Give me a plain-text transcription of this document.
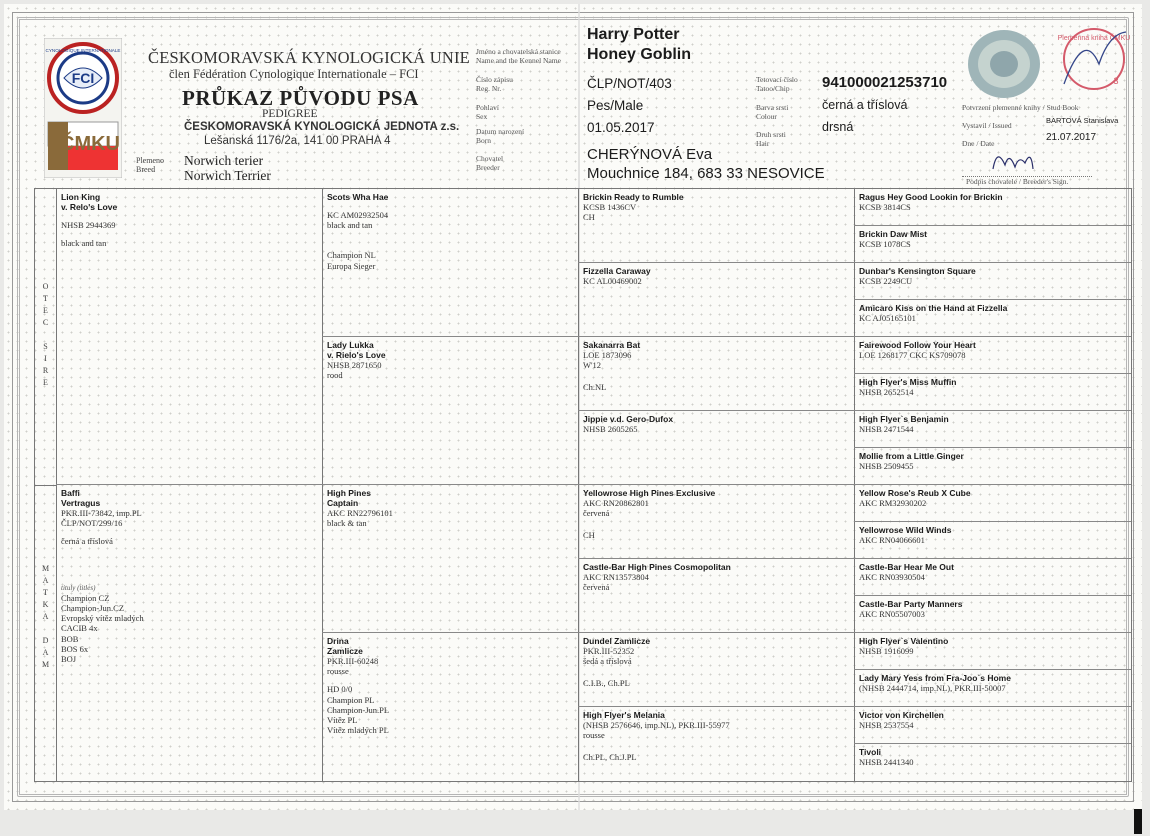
FCI
CYNOLOGIQUE INTERNATIONALE
ČMKU
ČESKOMORAVSKÁ KYNOLOGICKÁ UNIE
člen Fédération Cynologique Internationale – FCI
PRŮKAZ PŮVODU PSA
PEDIGREE
ČESKOMORAVSKÁ KYNOLOGICKÁ JEDNOTA z.s.
Lešanská 1176/2a, 141 00 PRAHA 4
Plemeno
Breed
Norwich terier
Norwich Terrier
Jméno a chovatelská stanice
Name and the Kennel Name
Číslo zápisu
Reg. Nr.
Pohlaví
Sex
Datum narození
Born
Chovatel
Breeder
Harry Potter
Honey Goblin
ČLP/NOT/403
Pes/Male
01.05.2017
CHERÝNOVÁ Eva
Mouchnice 184, 683 33 NESOVICE
Tetovací číslo
Tatoo/Chip
Barva srsti
Colour
Druh srsti
Hair
941000021253710
černá a tříslová
drsná
Plemenná kniha ČMKU
3
Potvrzení plemenné knihy / Stud Book
Vystavil / Issued
BARTOVÁ Stanislava
Dne / Date
21.07.2017
Podpis chovatele / Breeder's Sign.
O
T
E
C
S
I
R
E
M
A
T
K
A
D
A
M
Lion King
v. Relo's Love
NHSB 2944369
black and tan
Baffi
Vertragus
PKR.III-73842, imp.PL
ČLP/NOT/299/16
černá a tříslová
tituly (titles)
Champion CZ
Champion-Jun.CZ
Evropský vítěz mladých
CACIB 4x
BOB
BOS 6x
BOJ
Scots Wha Hae
KC AM02932504
black and tan
Champion NL
Europa Sieger
Lady Lukka
v. Rielo's Love
NHSB 2871650
rood
High Pines
Captain
AKC RN22796101
black & tan
Drina
Zamlicze
PKR.III-60248
rousse
HD 0/0
Champion PL
Champion-Jun.PL
Vítěz PL
Vítěz mladých PL
Brickin Ready to Rumble
KCSB 1436CV
CH
Fizzella Caraway
KC AL00469002
Sakanarra Bat
LOE 1873096
W'12
Ch.NL
Jippie v.d. Gero-Dufox
NHSB 2605265
Yellowrose High Pines Exclusive
AKC RN20862801
červená
CH
Castle-Bar High Pines Cosmopolitan
AKC RN13573804
červená
Dundel Zamlicze
PKR.III-52352
šedá a tříslová
C.I.B., Ch.PL
High Flyer's Melania
(NHSB 2576646, imp.NL), PKR.III-55977
rousse
Ch.PL, Ch.J.PL
Ragus Hey Good Lookin for Brickin
KCSB 3814CS
Brickin Daw Mist
KCSB 1078CS
Dunbar's Kensington Square
KCSB 2249CU
Amicaro Kiss on the Hand at Fizzella
KC AJ05165101
Fairewood Follow Your Heart
LOE 1268177 CKC KS709078
High Flyer's Miss Muffin
NHSB 2652514
High Flyer`s Benjamin
NHSB 2471544
Mollie from a Little Ginger
NHSB 2509455
Yellow Rose's Reub X Cube
AKC RM32930202
Yellowrose Wild Winds
AKC RN04066601
Castle-Bar Hear Me Out
AKC RN03930504
Castle-Bar Party Manners
AKC RN05507003
High Flyer`s Valentino
NHSB 1916099
Lady Mary Yess from Fra-Joo`s Home
(NHSB 2444714, imp.NL), PKR.III-50007
Victor von Kirchellen
NHSB 2537554
Tivoli
NHSB 2441340
